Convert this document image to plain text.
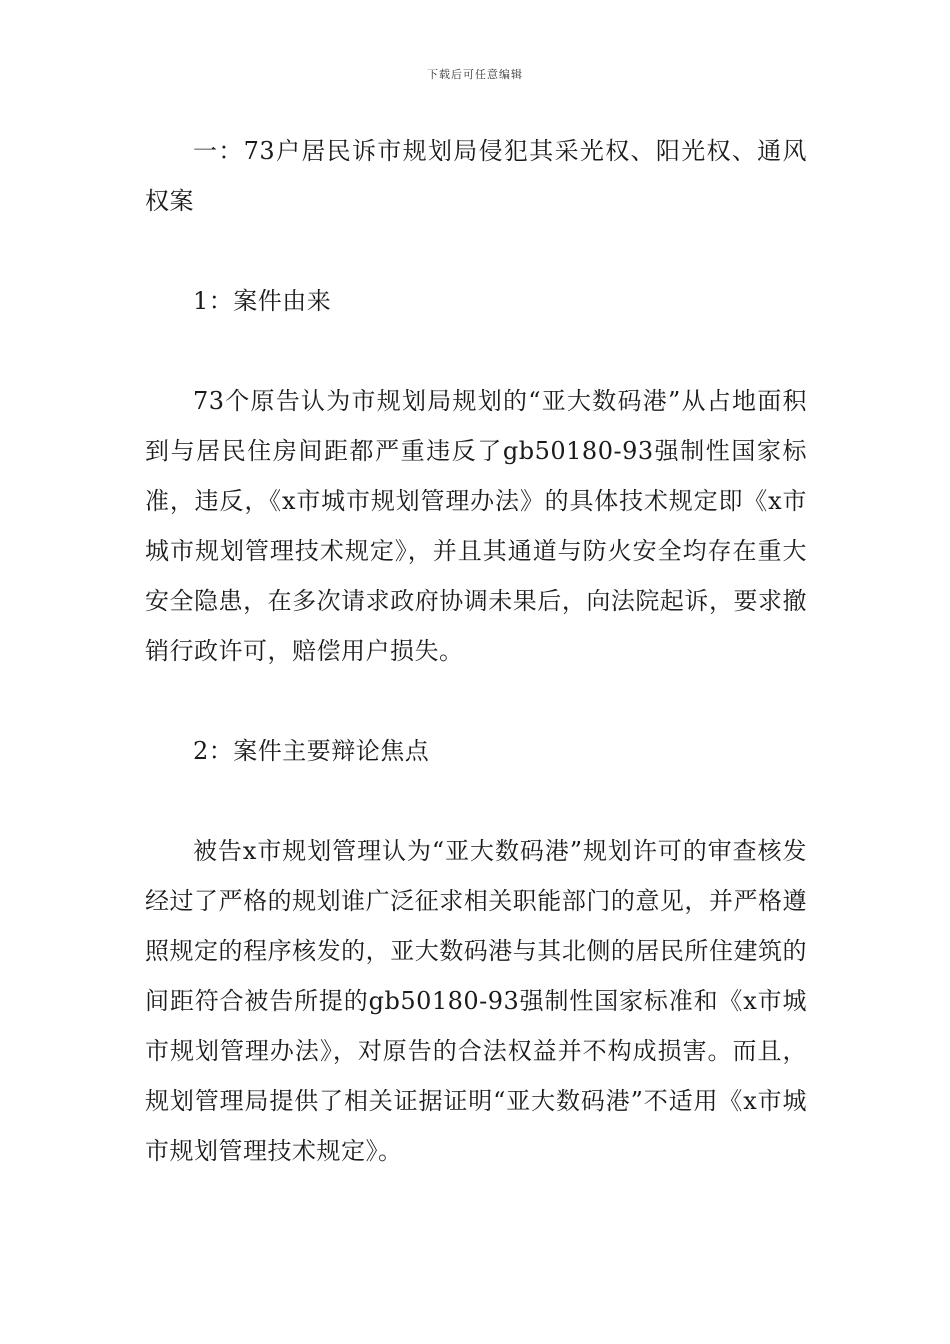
下载后可任意编辑

一：73户居民诉市规划局侵犯其采光权、阳光权、通风权案

1：案件由来

73个原告认为市规划局规划的“亚大数码港”从占地面积到与居民住房间距都严重违反了gb50180-93强制性国家标准，违反，《x市城市规划管理办法》的具体技术规定即《x市城市规划管理技术规定》，并且其通道与防火安全均存在重大安全隐患，在多次请求政府协调未果后，向法院起诉，要求撤销行政许可，赔偿用户损失。

2：案件主要辩论焦点

被告x市规划管理认为“亚大数码港”规划许可的审查核发经过了严格的规划谁广泛征求相关职能部门的意见，并严格遵照规定的程序核发的，亚大数码港与其北侧的居民所住建筑的间距符合被告所提的gb50180-93强制性国家标准和《x市城市规划管理办法》，对原告的合法权益并不构成损害。而且，规划管理局提供了相关证据证明“亚大数码港”不适用《x市城市规划管理技术规定》。
